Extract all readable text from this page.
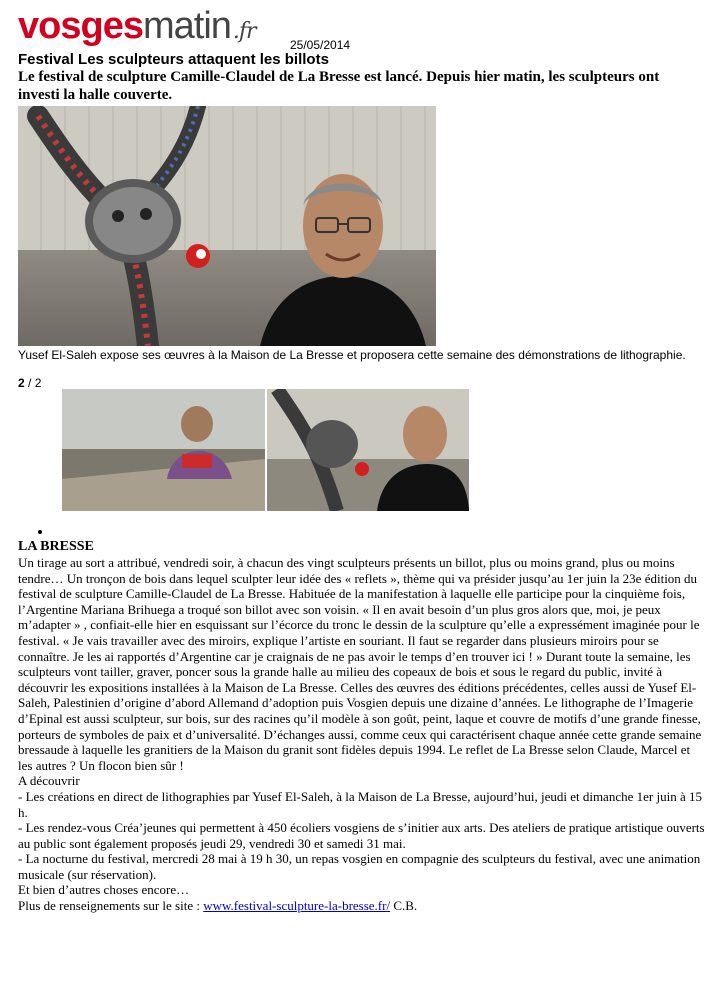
vosgesmatin.fr
25/05/2014
Festival Les sculpteurs attaquent les billots

Le festival de sculpture Camille-Claudel de La Bresse est lancé. Depuis hier matin, les sculpteurs ont investi la halle couverte.

Yusef El-Saleh expose ses œuvres à la Maison de La Bresse et proposera cette semaine des démonstrations de lithographie.

2 / 2
LA BRESSE

Un tirage au sort a attribué, vendredi soir, à chacun des vingt sculpteurs présents un billot, plus ou moins grand, plus ou moins tendre… Un tronçon de bois dans lequel sculpter leur idée des « reflets », thème qui va présider jusqu’au 1er juin la 23e édition du festival de sculpture Camille-Claudel de La Bresse. Habituée de la manifestation à laquelle elle participe pour la cinquième fois, l’Argentine Mariana Brihuega a troqué son billot avec son voisin. « Il en avait besoin d’un plus gros alors que, moi, je peux m’adapter » , confiait-elle hier en esquissant sur l’écorce du tronc le dessin de la sculpture qu’elle a expressément imaginée pour le festival. « Je vais travailler avec des miroirs, explique l’artiste en souriant. Il faut se regarder dans plusieurs miroirs pour se connaître. Je les ai rapportés d’Argentine car je craignais de ne pas avoir le temps d’en trouver ici ! » Durant toute la semaine, les sculpteurs vont tailler, graver, poncer sous la grande halle au milieu des copeaux de bois et sous le regard du public, invité à découvrir les expositions installées à la Maison de La Bresse. Celles des œuvres des éditions précédentes, celles aussi de Yusef El-Saleh, Palestinien d’origine d’abord Allemand d’adoption puis Vosgien depuis une dizaine d’années. Le lithographe de l’Imagerie d’Epinal est aussi sculpteur, sur bois, sur des racines qu’il modèle à son goût, peint, laque et couvre de motifs d’une grande finesse, porteurs de symboles de paix et d’universalité. D’échanges aussi, comme ceux qui caractérisent chaque année cette grande semaine bressaude à laquelle les granitiers de la Maison du granit sont fidèles depuis 1994. Le reflet de La Bresse selon Claude, Marcel et les autres ? Un flocon bien sûr !

A découvrir

- Les créations en direct de lithographies par Yusef El-Saleh, à la Maison de La Bresse, aujourd’hui, jeudi et dimanche 1er juin à 15 h.

- Les rendez-vous Créa’jeunes qui permettent à 450 écoliers vosgiens de s’initier aux arts. Des ateliers de pratique artistique ouverts au public sont également proposés jeudi 29, vendredi 30 et samedi 31 mai.

- La nocturne du festival, mercredi 28 mai à 19 h 30, un repas vosgien en compagnie des sculpteurs du festival, avec une animation musicale (sur réservation).

Et bien d’autres choses encore…

Plus de renseignements sur le site : www.festival-sculpture-la-bresse.fr/ C.B.
